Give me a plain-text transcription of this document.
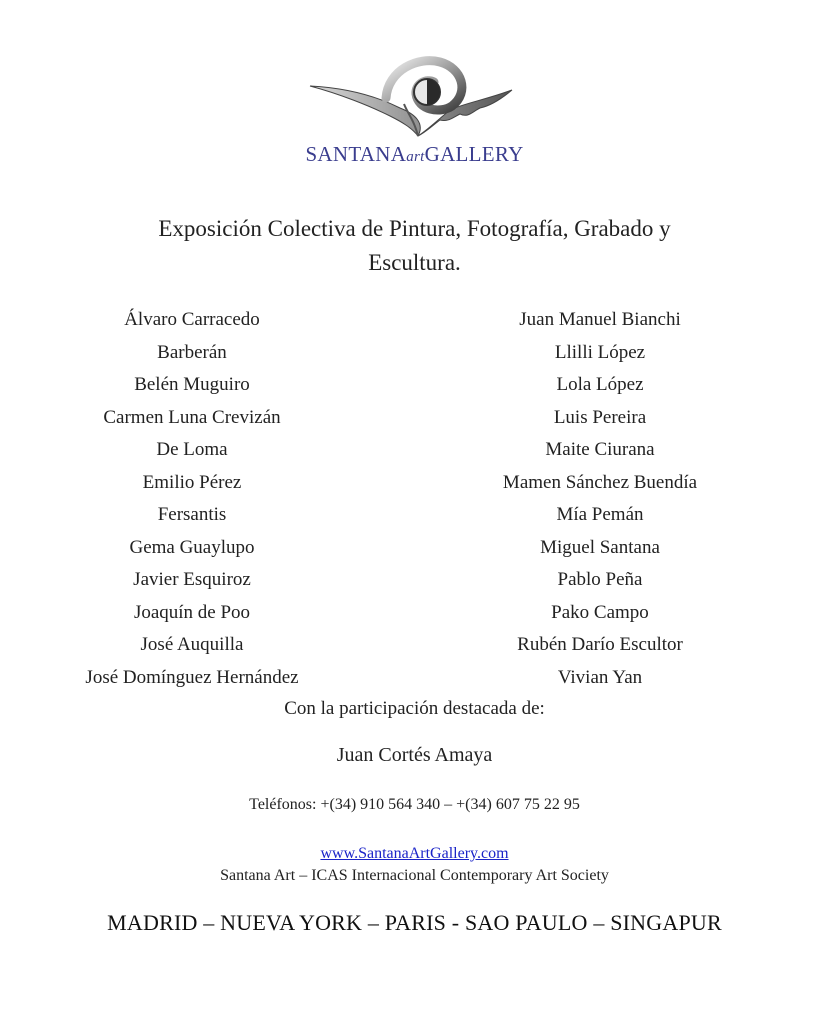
SANTANAartGALLERY
Exposición Colectiva de Pintura, Fotografía, Grabado y
Escultura.
Álvaro Carracedo
Barberán
Belén Muguiro
Carmen Luna Crevizán
De Loma
Emilio Pérez
Fersantis
Gema Guaylupo
Javier Esquiroz
Joaquín de Poo
José Auquilla
José Domínguez Hernández
Juan Manuel Bianchi
Llilli López
Lola López
Luis Pereira
Maite Ciurana
Mamen Sánchez Buendía
Mía Pemán
Miguel Santana
Pablo Peña
Pako Campo
Rubén Darío Escultor
Vivian Yan
Con la participación destacada de:
Juan Cortés Amaya
Teléfonos: +(34) 910 564 340 – +(34) 607 75 22 95
www.SantanaArtGallery.com
Santana Art – ICAS Internacional Contemporary Art Society
MADRID – NUEVA YORK – PARIS - SAO PAULO – SINGAPUR
